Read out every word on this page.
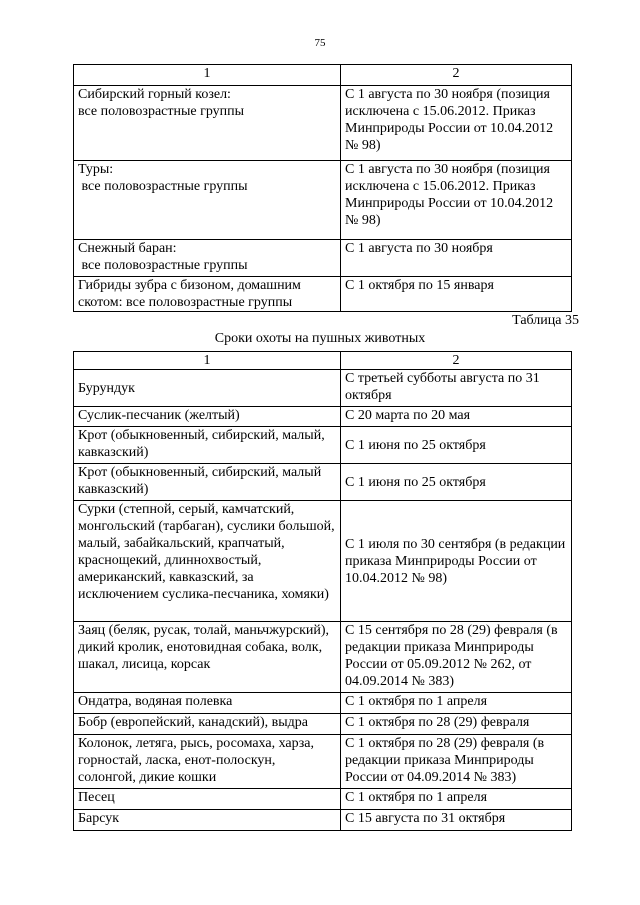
75
1	2

Сибирский горный козел:
все половозрастные группы	С 1 августа по 30 ноября (позиция исключена с 15.06.2012. Приказ Минприроды России от 10.04.2012 № 98)

Туры:
все половозрастные группы	С 1 августа по 30 ноября (позиция исключена с 15.06.2012. Приказ Минприроды России от 10.04.2012 № 98)

Снежный баран:
все половозрастные группы	С 1 августа по 30 ноября
Гибриды зубра с бизоном, домашним скотом: все половозрастные группы	С 1 октября по 15 января
Таблица 35
Сроки охоты на пушных животных
1	2
Бурундук	С третьей субботы августа по 31 октября
Суслик-песчаник (желтый)	С 20 марта по 20 мая
Крот (обыкновенный, сибирский, малый, кавказский)	С 1 июня по 25 октября
Крот (обыкновенный, сибирский, малый кавказский)	С 1 июня по 25 октября
Сурки (степной, серый, камчатский, монгольский (тарбаган), суслики большой, малый, забайкальский, крапчатый, краснощекий, длиннохвостый, американский, кавказский, за исключением суслика-песчаника, хомяки)	С 1 июля по 30 сентября (в редакции приказа Минприроды России от 10.04.2012 № 98)
Заяц (беляк, русак, толай, маньчжурский), дикий кролик, енотовидная собака, волк, шакал, лисица, корсак	С 15 сентября по 28 (29) февраля (в редакции приказа Минприроды России от 05.09.2012 № 262, от 04.09.2014 № 383)
Ондатра, водяная полевка	С 1 октября по 1 апреля
Бобр (европейский, канадский), выдра	С 1 октября по 28 (29) февраля
Колонок, летяга, рысь, росомаха, харза, горностай, ласка, енот-полоскун, солонгой, дикие кошки	С 1 октября по 28 (29) февраля (в редакции приказа Минприроды России от 04.09.2014 № 383)
Песец	С 1 октября по 1 апреля
Барсук	С 15 августа по 31 октября
